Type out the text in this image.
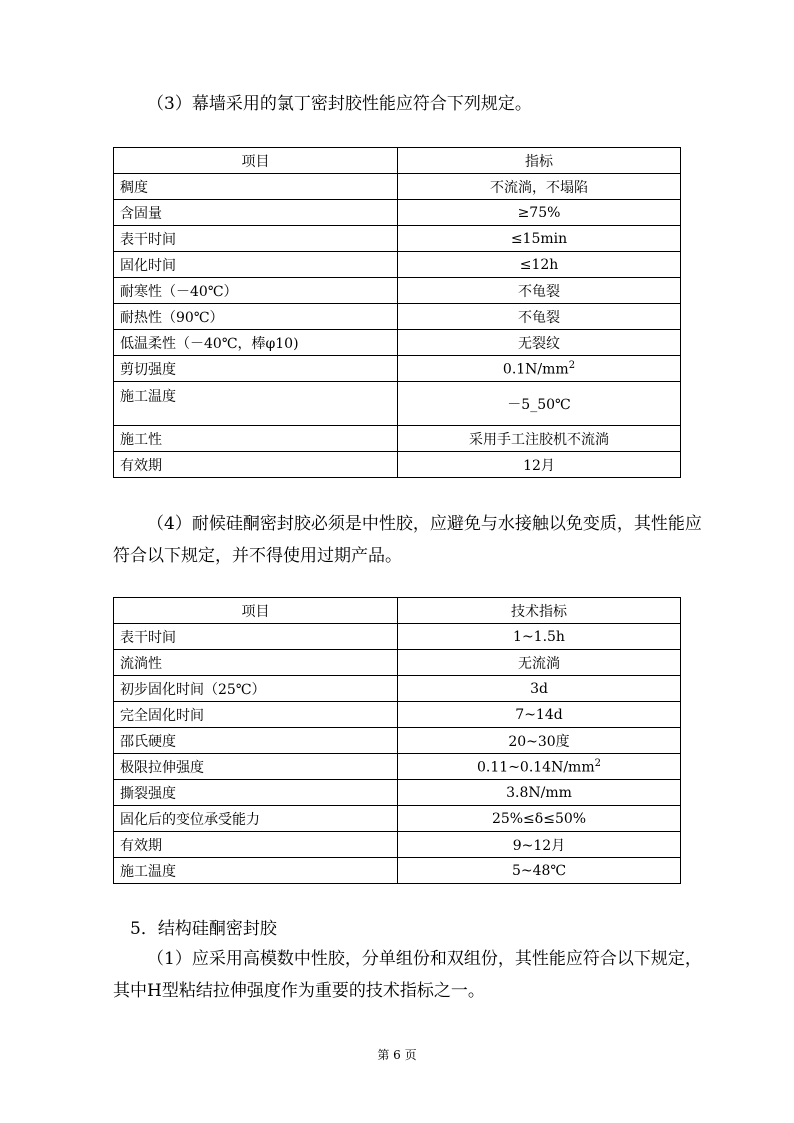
（3）幕墙采用的氯丁密封胶性能应符合下列规定。

项目	指标
稠度	不流淌，不塌陷
含固量	≥75%
表干时间	≤15min
固化时间	≤12h
耐寒性（－40℃）	不龟裂
耐热性（90℃）	不龟裂
低温柔性（－40℃，棒φ10)	无裂纹
剪切强度	$0.1N/mm^2$
施工温度	－5_50℃
施工性	采用手工注胶机不流淌
有效期	12月

（4）耐候硅酮密封胶必须是中性胶，应避免与水接触以免变质，其性能应符合以下规定，并不得使用过期产品。

项目	技术指标
表干时间	1~1.5h
流淌性	无流淌
初步固化时间（25℃）	3d
完全固化时间	7~14d
邵氏硬度	20~30度
极限拉伸强度	$0.11\sim 0.14N/mm^2$
撕裂强度	3.8N/mm
固化后的变位承受能力	25%≤δ≤50%
有效期	9~12月
施工温度	5~48℃

5．结构硅酮密封胶

（1）应采用高模数中性胶，分单组份和双组份，其性能应符合以下规定，其中H型粘结拉伸强度作为重要的技术指标之一。

第 6 页
